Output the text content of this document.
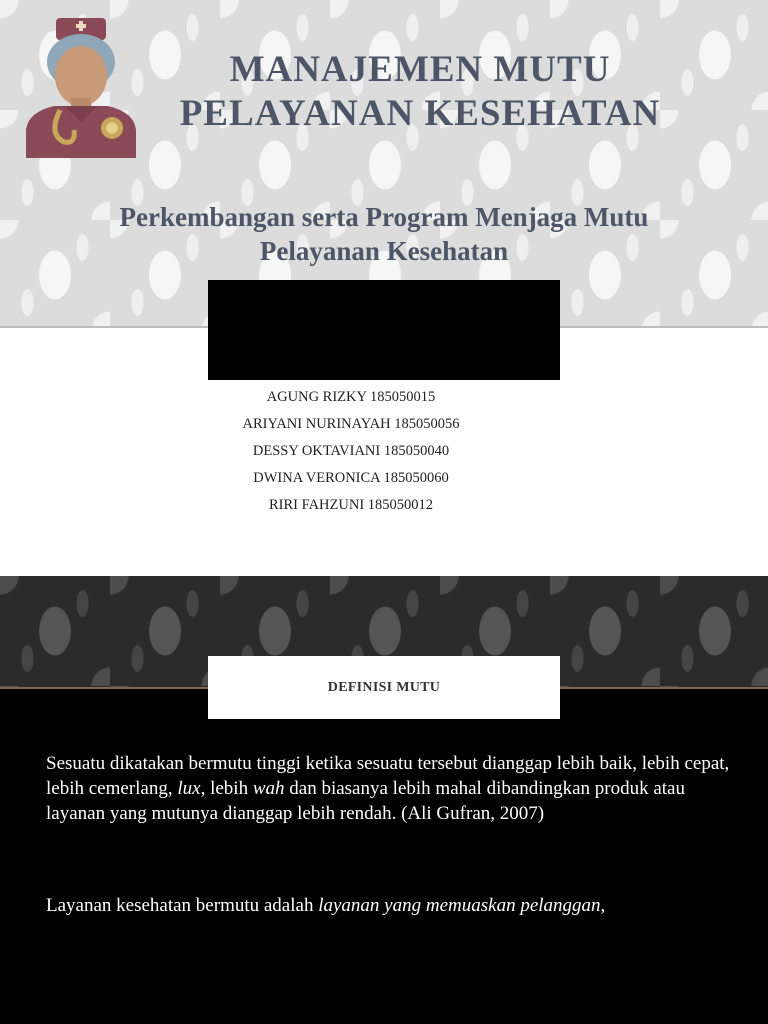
MANAJEMEN MUTU
PELAYANAN KESEHATAN
Perkembangan serta Program Menjaga Mutu
Pelayanan Kesehatan
AGUNG RIZKY 185050015
ARIYANI NURINAYAH 185050056
DESSY OKTAVIANI 185050040
DWINA VERONICA 185050060
RIRI FAHZUNI 185050012
DEFINISI MUTU

Sesuatu dikatakan bermutu tinggi ketika sesuatu tersebut dianggap lebih baik, lebih cepat, lebih cemerlang, lux, lebih wah dan biasanya lebih mahal dibandingkan produk atau layanan yang mutunya dianggap lebih rendah. (Ali Gufran, 2007)

Layanan kesehatan bermutu adalah layanan yang memuaskan pelanggan,
